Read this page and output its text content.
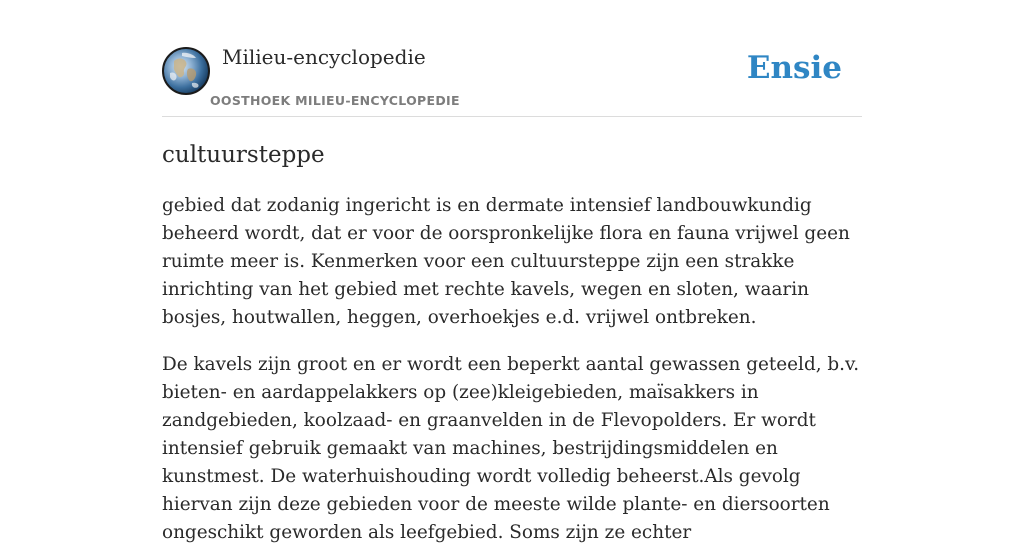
Milieu-encyclopedie
OOSTHOEK MILIEU-ENCYCLOPEDIE
Ensie
cultuursteppe

gebied dat zodanig ingericht is en dermate intensief landbouwkundig beheerd wordt, dat er voor de oorspronkelijke flora en fauna vrijwel geen ruimte meer is. Kenmerken voor een cultuursteppe zijn een strakke inrichting van het gebied met rechte kavels, wegen en sloten, waarin bosjes, houtwallen, heggen, overhoekjes e.d. vrijwel ontbreken.

De kavels zijn groot en er wordt een beperkt aantal gewassen geteeld, b.v. bieten- en aardappelakkers op (zee)kleigebieden, maïsakkers in zandgebieden, koolzaad- en graanvelden in de Flevopolders. Er wordt intensief gebruik gemaakt van machines, bestrijdingsmiddelen en kunstmest. De waterhuishouding wordt volledig beheerst.Als gevolg hiervan zijn deze gebieden voor de meeste wilde plante- en diersoorten ongeschikt geworden als leefgebied. Soms zijn ze echter
